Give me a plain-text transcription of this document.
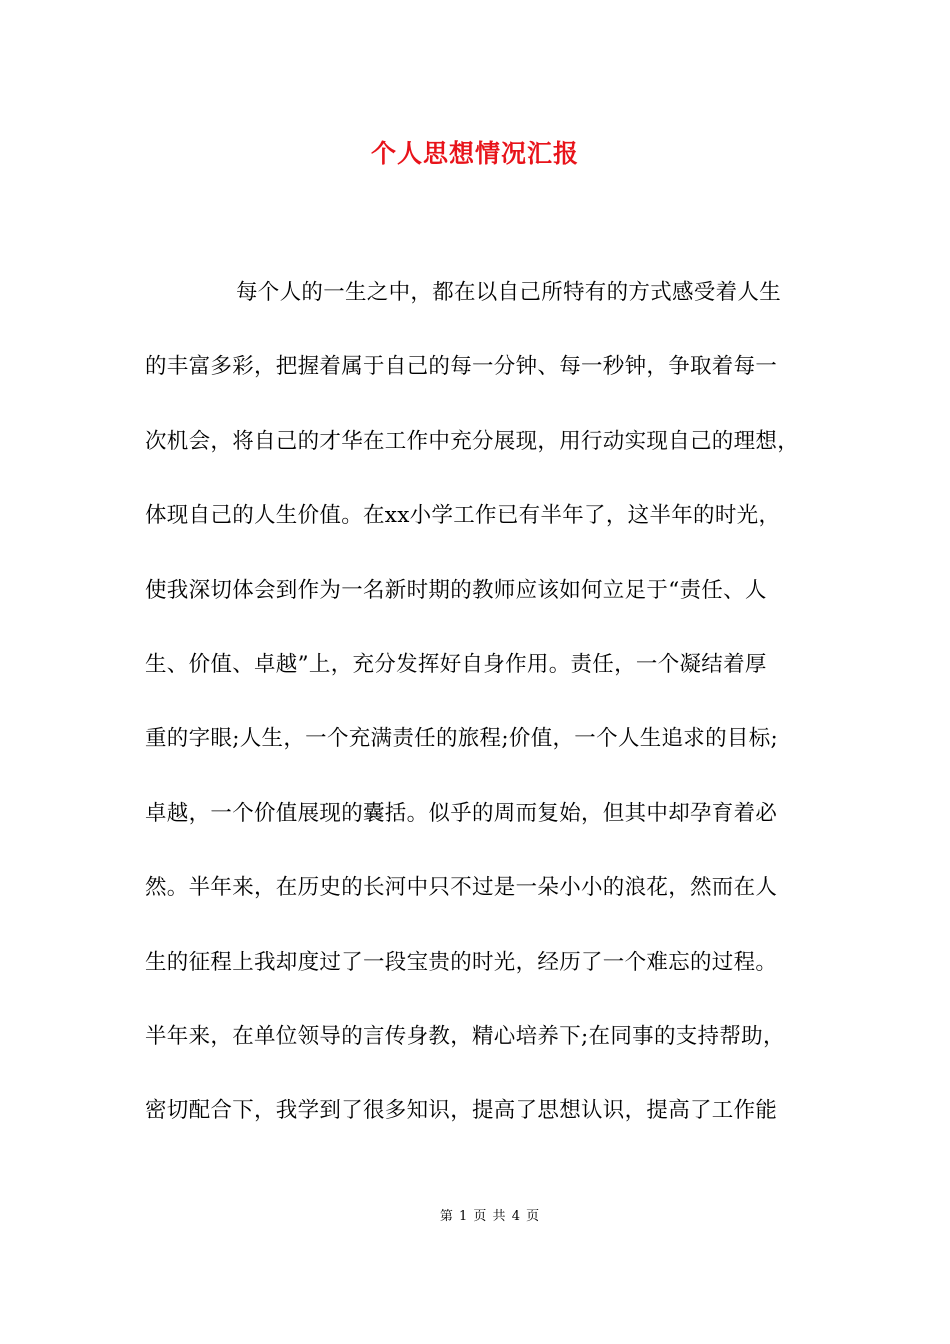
个人思想情况汇报
每个人的一生之中，都在以自己所特有的方式感受着人生
的丰富多彩，把握着属于自己的每一分钟、每一秒钟，争取着每一
次机会，将自己的才华在工作中充分展现，用行动实现自己的理想，
体现自己的人生价值。在xx小学工作已有半年了，这半年的时光，
使我深切体会到作为一名新时期的教师应该如何立足于“责任、人
生、价值、卓越”上，充分发挥好自身作用。责任，一个凝结着厚
重的字眼;人生，一个充满责任的旅程;价值，一个人生追求的目标;
卓越，一个价值展现的囊括。似乎的周而复始，但其中却孕育着必
然。半年来，在历史的长河中只不过是一朵小小的浪花，然而在人
生的征程上我却度过了一段宝贵的时光，经历了一个难忘的过程。
半年来，在单位领导的言传身教，精心培养下;在同事的支持帮助，
密切配合下，我学到了很多知识，提高了思想认识，提高了工作能
第 1 页 共 4 页
